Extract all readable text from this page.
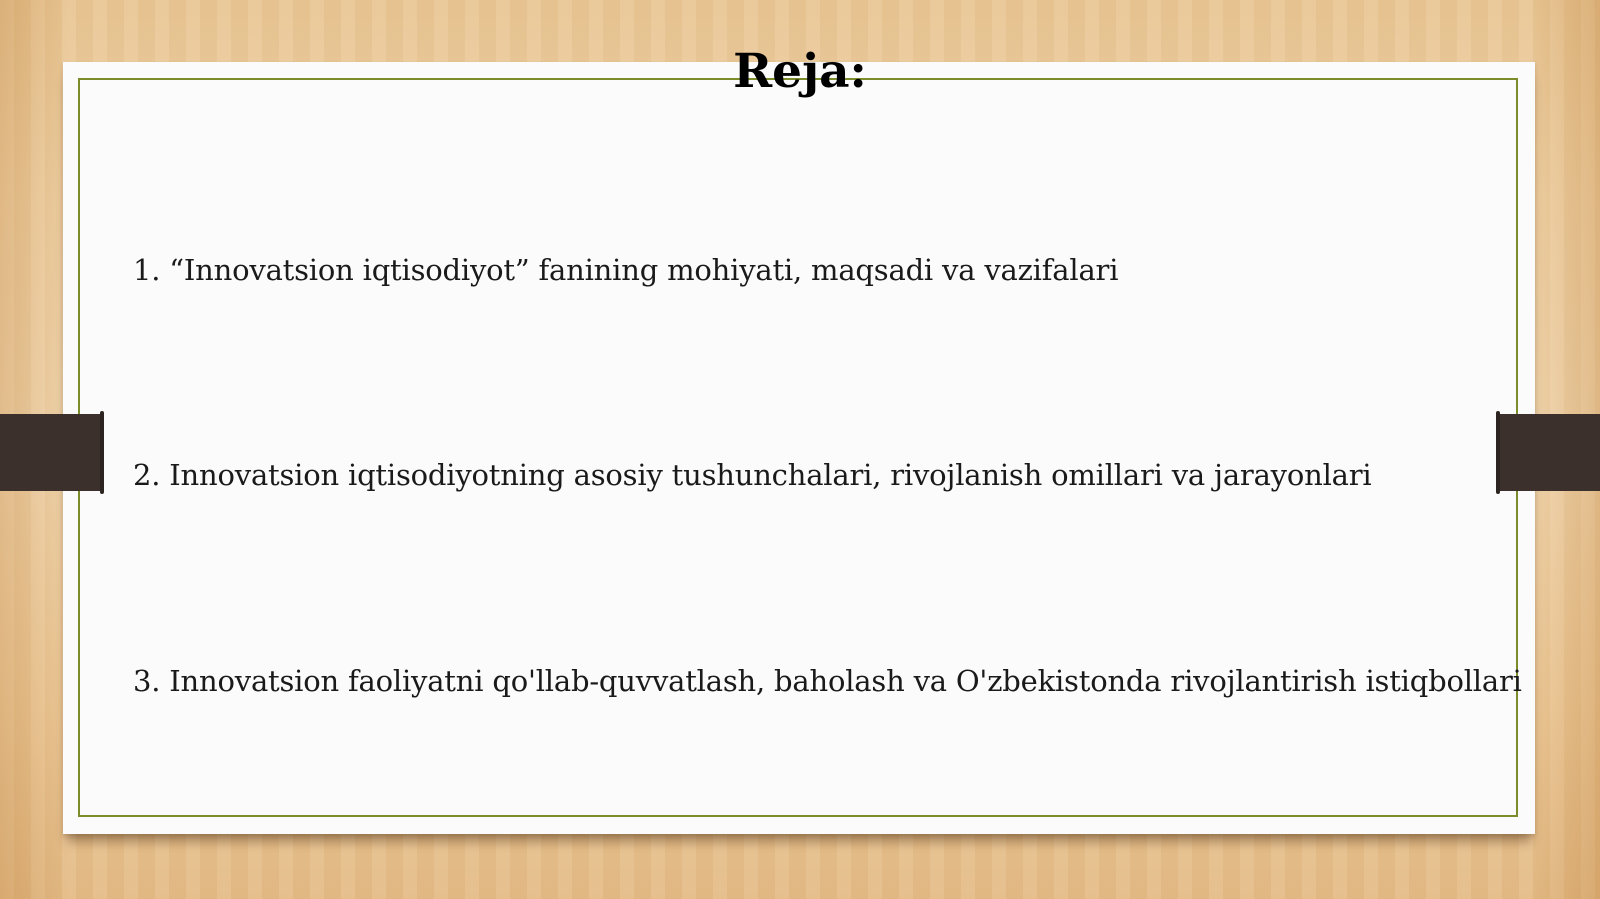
Reja:
1. “Innovatsion iqtisodiyot” fanining mohiyati, maqsadi va vazifalari
2. Innovatsion iqtisodiyotning asosiy tushunchalari, rivojlanish omillari va jarayonlari
3. Innovatsion faoliyatni qo'llab-quvvatlash, baholash va O'zbekistonda rivojlantirish istiqbollari
